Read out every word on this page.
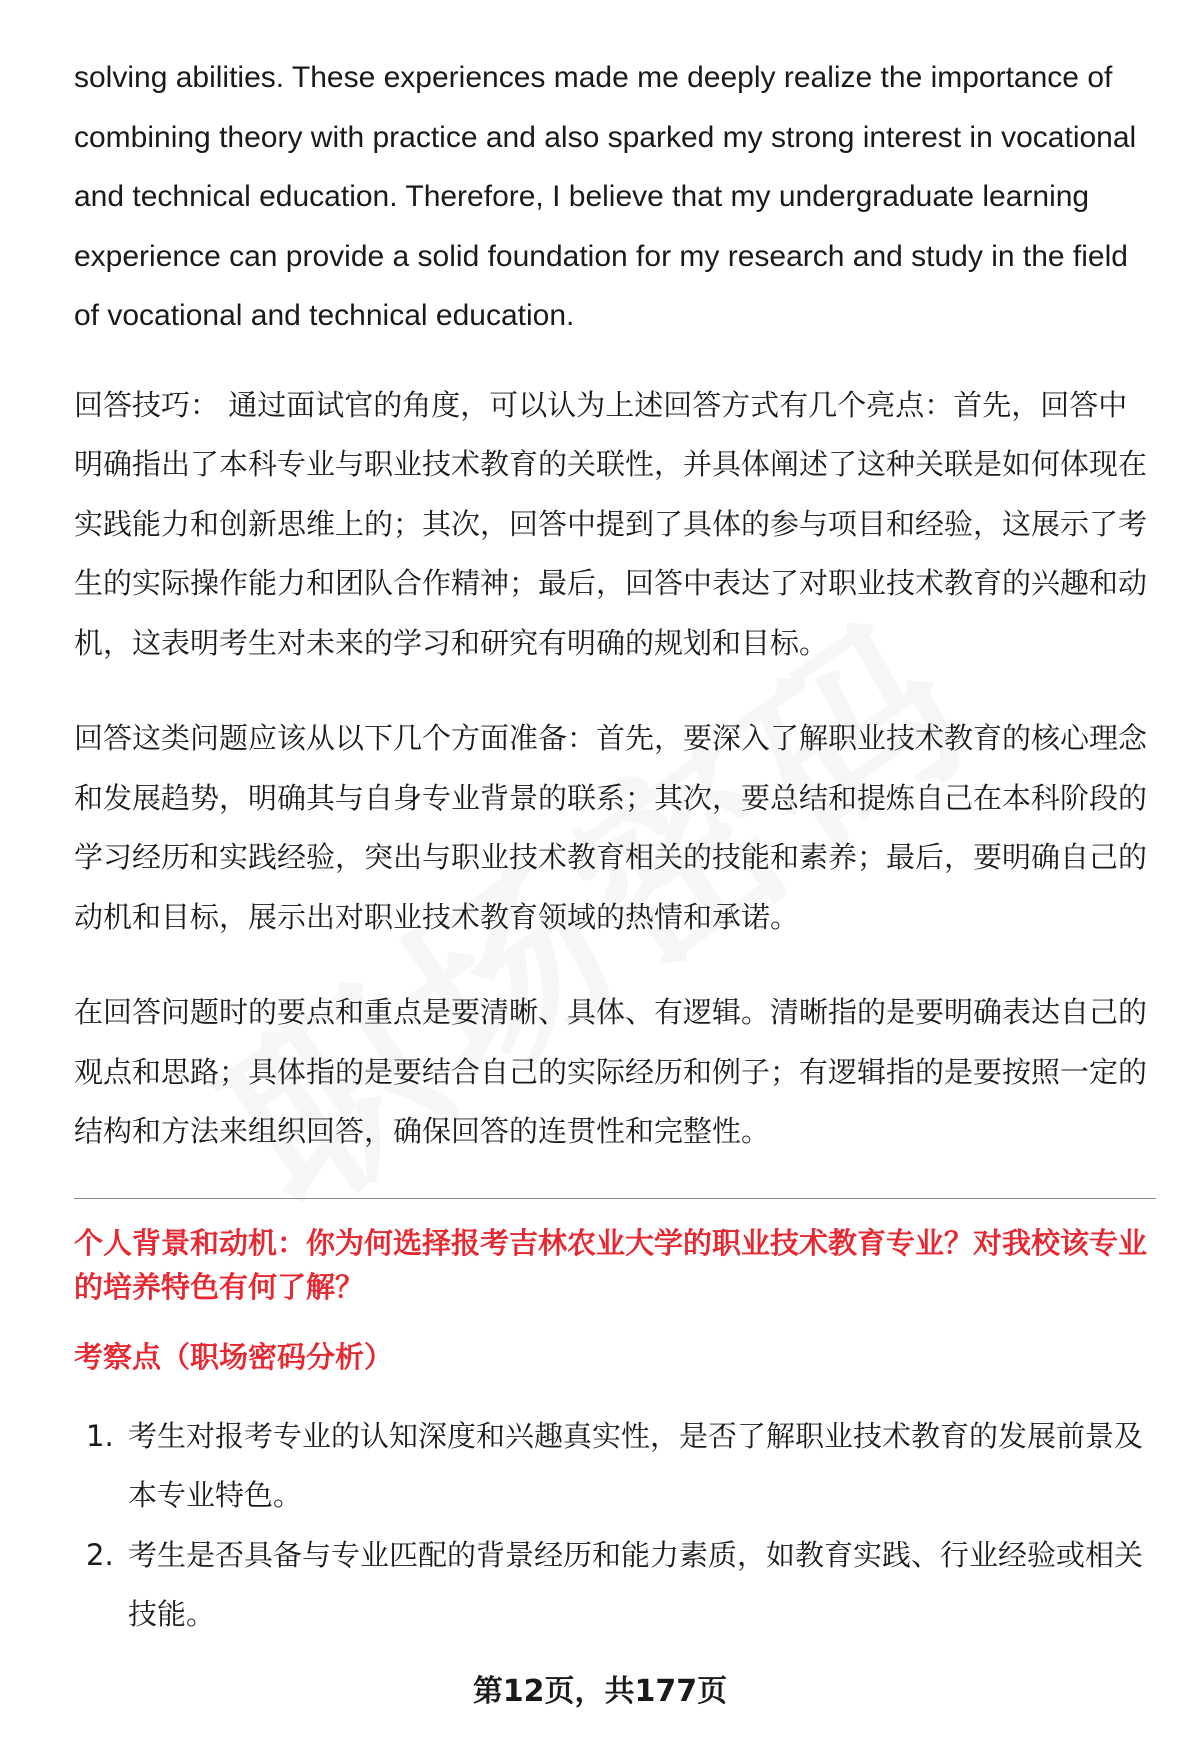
solving abilities. These experiences made me deeply realize the importance of combining theory with practice and also sparked my strong interest in vocational and technical education. Therefore, I believe that my undergraduate learning experience can provide a solid foundation for my research and study in the field of vocational and technical education.

回答技巧： 通过面试官的角度，可以认为上述回答方式有几个亮点：首先，回答中明确指出了本科专业与职业技术教育的关联性，并具体阐述了这种关联是如何体现在实践能力和创新思维上的；其次，回答中提到了具体的参与项目和经验，这展示了考生的实际操作能力和团队合作精神；最后，回答中表达了对职业技术教育的兴趣和动机，这表明考生对未来的学习和研究有明确的规划和目标。

回答这类问题应该从以下几个方面准备：首先，要深入了解职业技术教育的核心理念和发展趋势，明确其与自身专业背景的联系；其次，要总结和提炼自己在本科阶段的学习经历和实践经验，突出与职业技术教育相关的技能和素养；最后，要明确自己的动机和目标，展示出对职业技术教育领域的热情和承诺。

在回答问题时的要点和重点是要清晰、具体、有逻辑。清晰指的是要明确表达自己的观点和思路；具体指的是要结合自己的实际经历和例子；有逻辑指的是要按照一定的结构和方法来组织回答，确保回答的连贯性和完整性。

个人背景和动机：你为何选择报考吉林农业大学的职业技术教育专业？对我校该专业的培养特色有何了解？
考察点（职场密码分析）
1. 考生对报考专业的认知深度和兴趣真实性，是否了解职业技术教育的发展前景及本专业特色。
2. 考生是否具备与专业匹配的背景经历和能力素质，如教育实践、行业经验或相关技能。
第12页，共177页
